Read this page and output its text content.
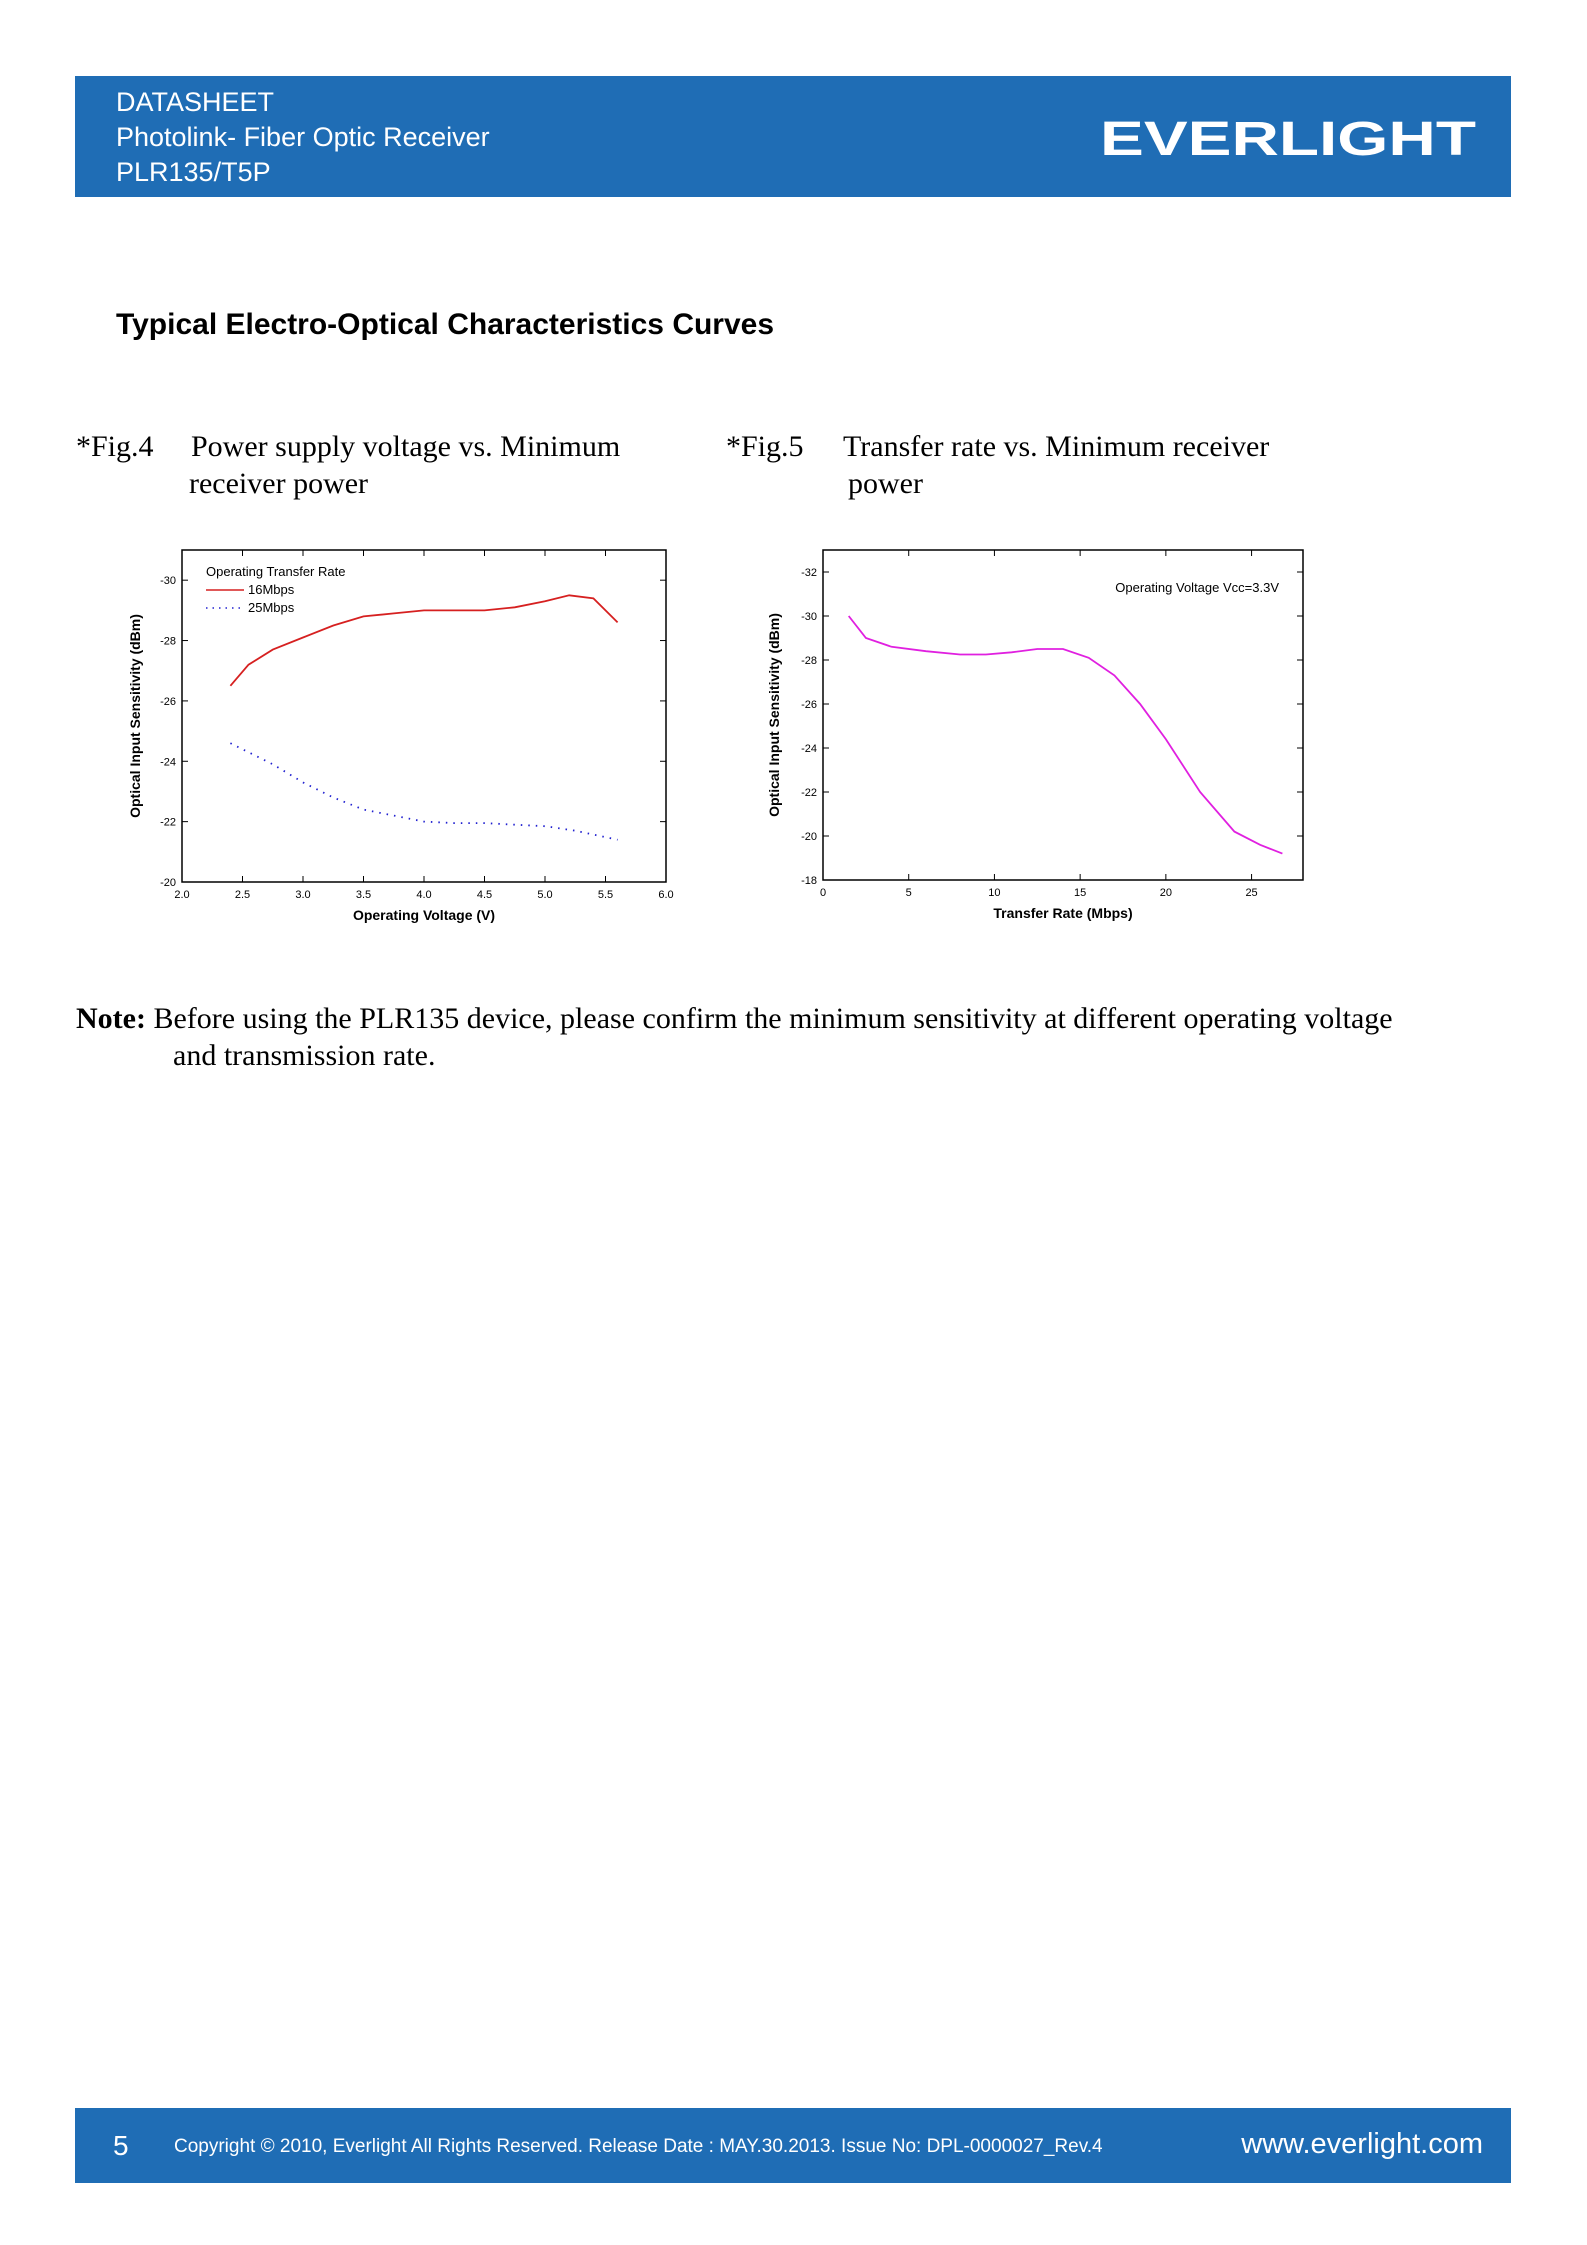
DATASHEET
Photolink- Fiber Optic Receiver
PLR135/T5P
EVERLIGHT
Typical Electro-Optical Characteristics Curves
*Fig.4 Power supply voltage vs. Minimum
receiver power
*Fig.5 Transfer rate vs. Minimum receiver
power
2.0	2.5	3.0	3.5	4.0	4.5	5.0	5.5	6.0
-30
-28
-26
-24
-22
-20
Operating Voltage (V)
Optical Input Sensitivity (dBm)
Operating Transfer Rate
16Mbps
25Mbps
0	5	10	15	20	25
-32
-30
-28
-26
-24
-22
-20
-18
Transfer Rate (Mbps)
Optical Input Sensitivity (dBm)
Operating Voltage Vcc=3.3V
Note: Before using the PLR135 device, please confirm the minimum sensitivity at different operating voltage
and transmission rate.
5 Copyright © 2010, Everlight All Rights Reserved. Release Date : MAY.30.2013. Issue No: DPL-0000027_Rev.4	www.everlight.com
